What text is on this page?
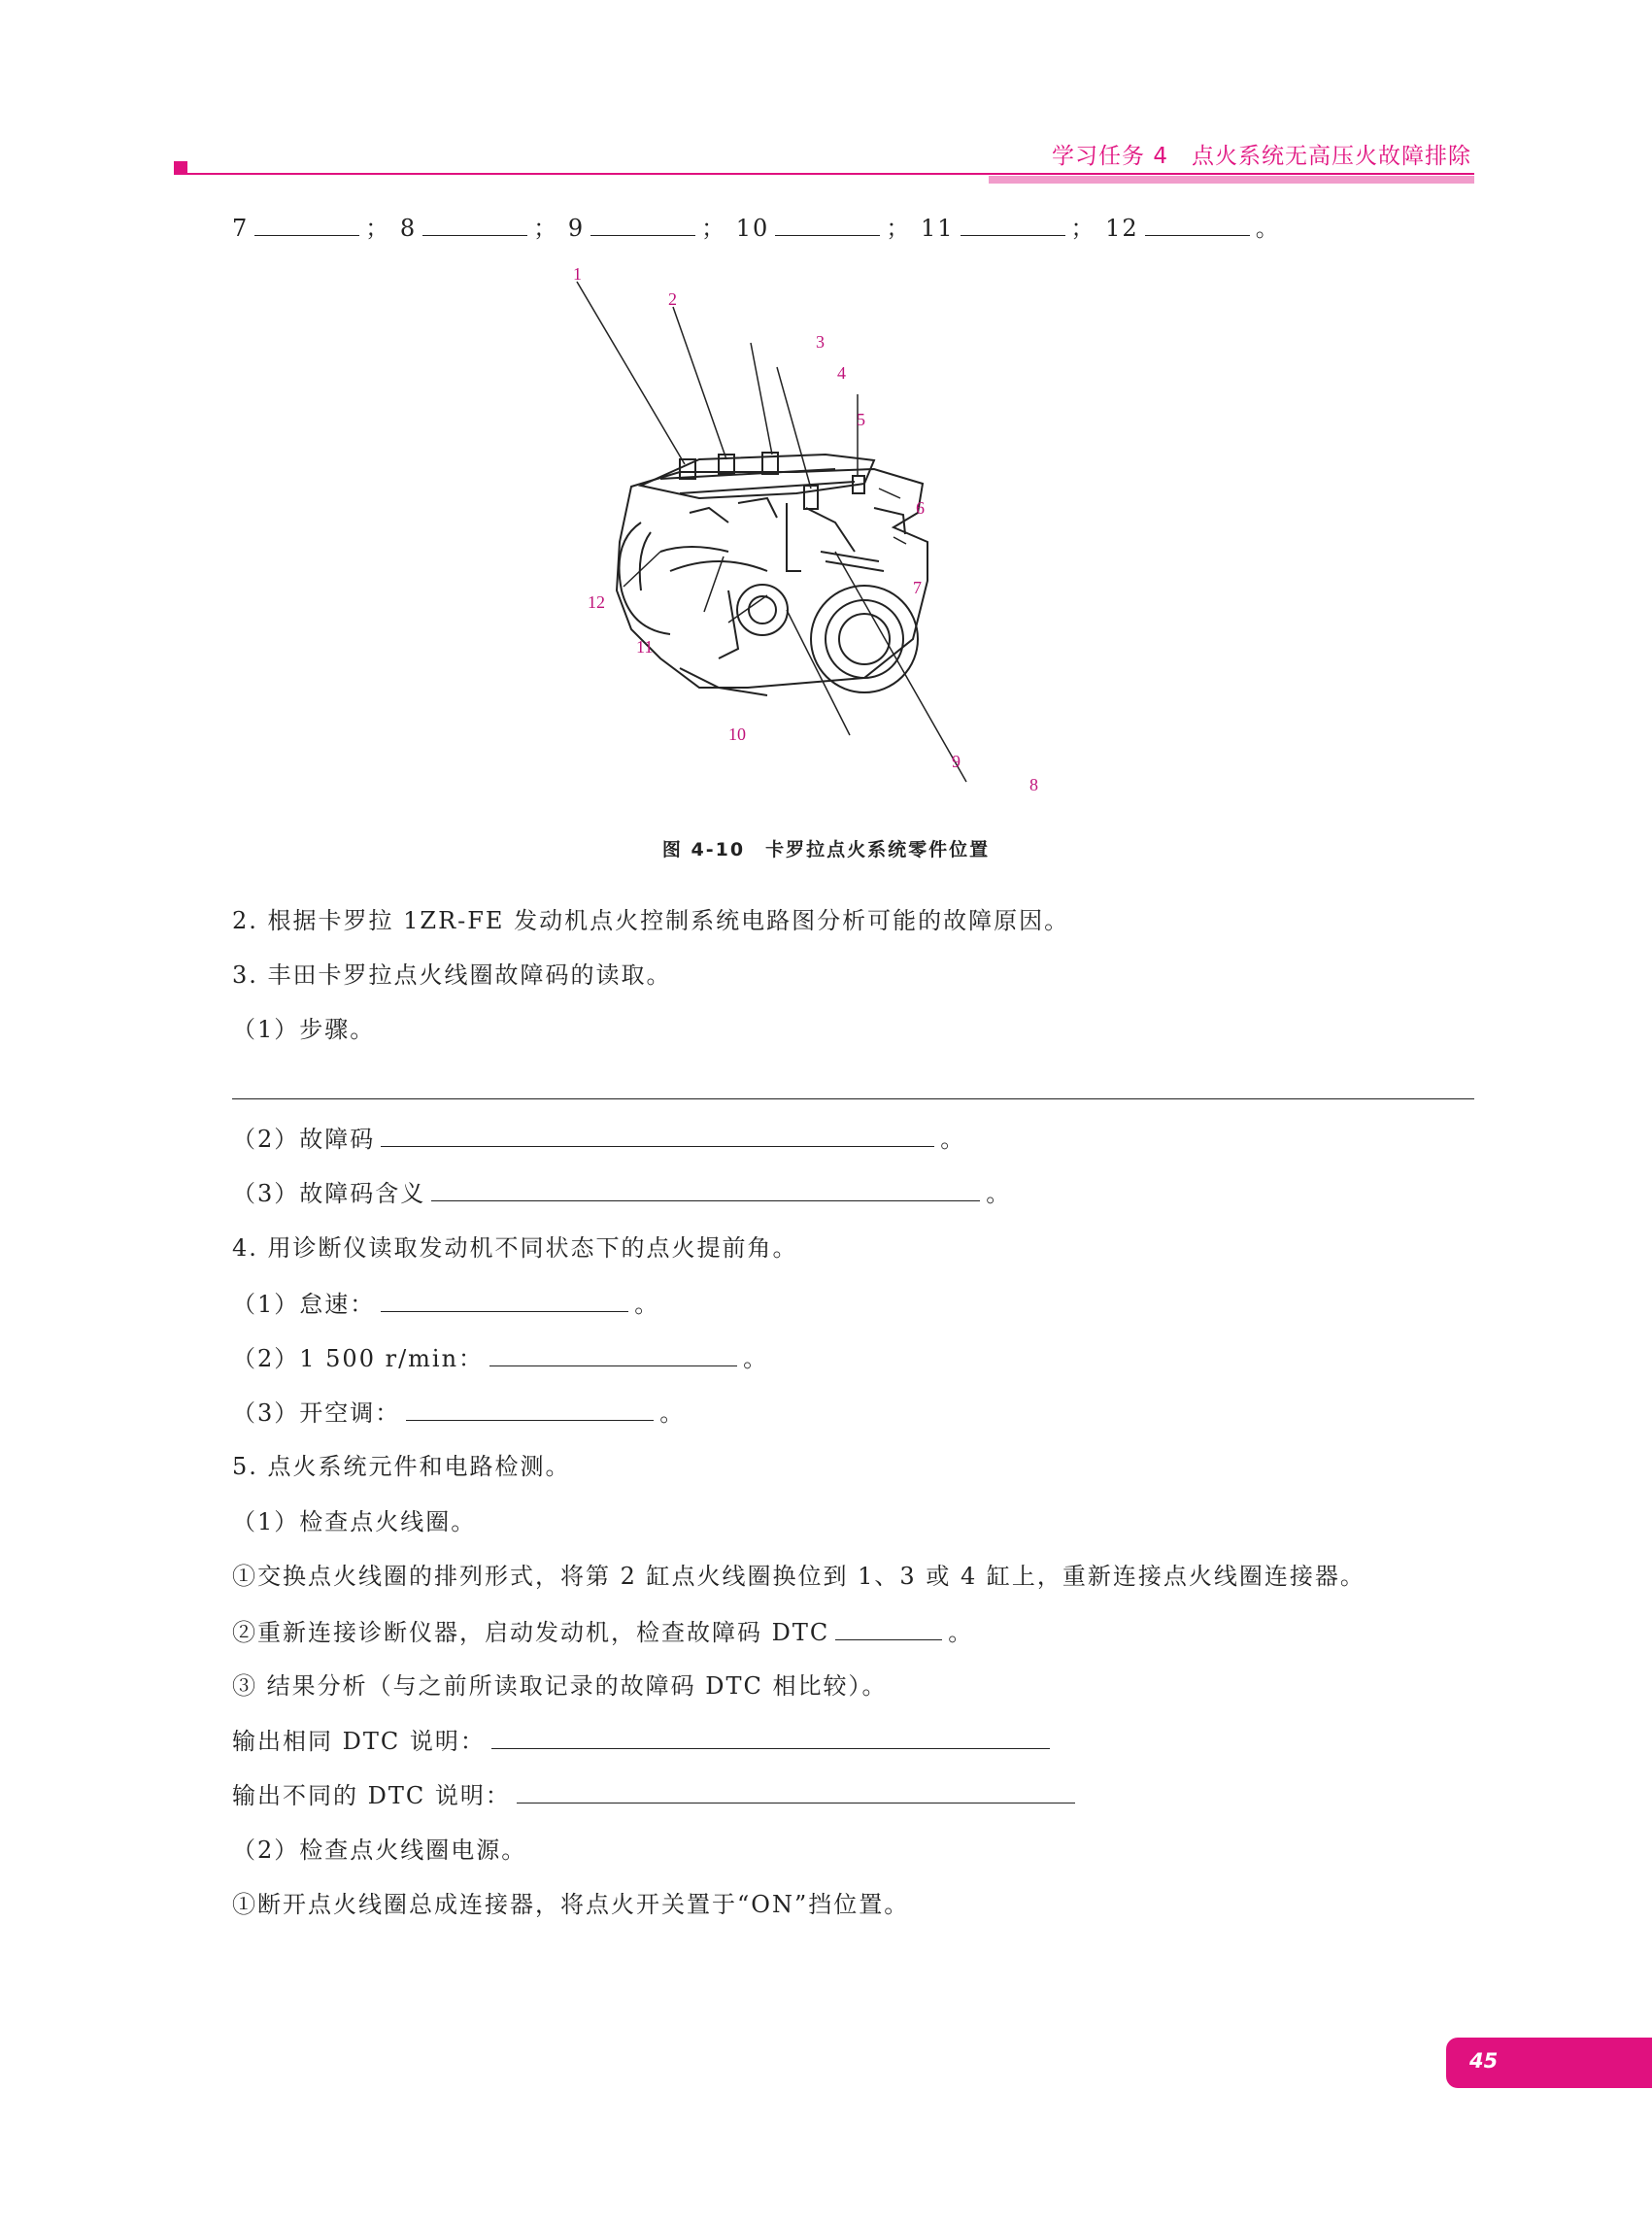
学习任务 4　点火系统无高压火故障排除
7	； 8	； 9	； 10	； 11	； 12	。
1
2
3
4
5
6
7
8
9
10
11
12
图 4-10　卡罗拉点火系统零件位置
2. 根据卡罗拉 1ZR-FE 发动机点火控制系统电路图分析可能的故障原因。
3. 丰田卡罗拉点火线圈故障码的读取。
（1）步骤。
（2）故障码	。
（3）故障码含义	。
4. 用诊断仪读取发动机不同状态下的点火提前角。
（1）怠速：	。
（2）1 500 r/min：	。
（3）开空调：	。
5. 点火系统元件和电路检测。
（1）检查点火线圈。
①交换点火线圈的排列形式，将第 2 缸点火线圈换位到 1、3 或 4 缸上，重新连接点火线圈连接器。
②重新连接诊断仪器，启动发动机，检查故障码 DTC	。
③ 结果分析（与之前所读取记录的故障码 DTC 相比较）。
输出相同 DTC 说明：
输出不同的 DTC 说明：
（2）检查点火线圈电源。
①断开点火线圈总成连接器，将点火开关置于“ON”挡位置。
45
